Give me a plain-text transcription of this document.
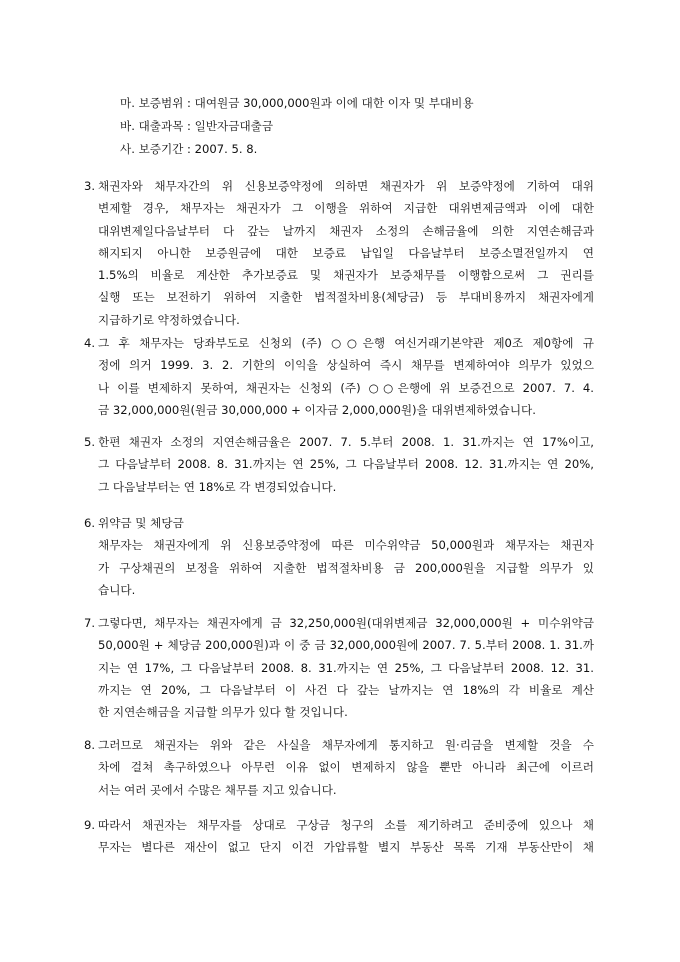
마. 보증범위 : 대여원금 30,000,000원과 이에 대한 이자 및 부대비용
바. 대출과목 : 일반자금대출금
사. 보증기간 : 2007. 5. 8.
3. 채권자와 채무자간의 위 신용보증약정에 의하면 채권자가 위 보증약정에 기하여 대위
변제할 경우, 채무자는 채권자가 그 이행을 위하여 지급한 대위변제금액과 이에 대한
대위변제일다음날부터 다 갚는 날까지 채권자 소정의 손해금율에 의한 지연손해금과
해지되지 아니한 보증원금에 대한 보증료 납입일 다음날부터 보증소멸전일까지 연
1.5%의 비율로 계산한 추가보증료 및 채권자가 보증채무를 이행함으로써 그 권리를
실행 또는 보전하기 위하여 지출한 법적절차비용(체당금) 등 부대비용까지 채권자에게
지급하기로 약정하였습니다.
4. 그 후 채무자는 당좌부도로 신청외 (주) ○○은행 여신거래기본약관 제0조 제0항에 규
정에 의거 1999. 3. 2. 기한의 이익을 상실하여 즉시 채무를 변제하여야 의무가 있었으
나 이를 변제하지 못하여, 채권자는 신청외 (주) ○○은행에 위 보증건으로 2007. 7. 4.
금 32,000,000원(원금 30,000,000 + 이자금 2,000,000원)을 대위변제하였습니다.
5. 한편 채권자 소정의 지연손해금율은 2007. 7. 5.부터 2008. 1. 31.까지는 연 17%이고,
그 다음날부터 2008. 8. 31.까지는 연 25%, 그 다음날부터 2008. 12. 31.까지는 연 20%,
그 다음날부터는 연 18%로 각 변경되었습니다.
6. 위약금 및 체당금
채무자는 채권자에게 위 신용보증약정에 따른 미수위약금 50,000원과 채무자는 채권자
가 구상채권의 보정을 위하여 지출한 법적절차비용 금 200,000원을 지급할 의무가 있
습니다.
7. 그렇다면, 채무자는 채권자에게 금 32,250,000원(대위변제금 32,000,000원 + 미수위약금
50,000원 + 체당금 200,000원)과 이 중 금 32,000,000원에 2007. 7. 5.부터 2008. 1. 31.까
지는 연 17%, 그 다음날부터 2008. 8. 31.까지는 연 25%, 그 다음날부터 2008. 12. 31.
까지는 연 20%, 그 다음날부터 이 사건 다 갚는 날까지는 연 18%의 각 비율로 계산
한 지연손해금을 지급할 의무가 있다 할 것입니다.
8. 그러므로 채권자는 위와 같은 사실을 채무자에게 통지하고 원·리금을 변제할 것을 수
차에 걸쳐 촉구하였으나 아무런 이유 없이 변제하지 않을 뿐만 아니라 최근에 이르러
서는 여러 곳에서 수많은 채무를 지고 있습니다.
9. 따라서 채권자는 채무자를 상대로 구상금 청구의 소를 제기하려고 준비중에 있으나 채
무자는 별다른 재산이 없고 단지 이건 가압류할 별지 부동산 목록 기재 부동산만이 채
